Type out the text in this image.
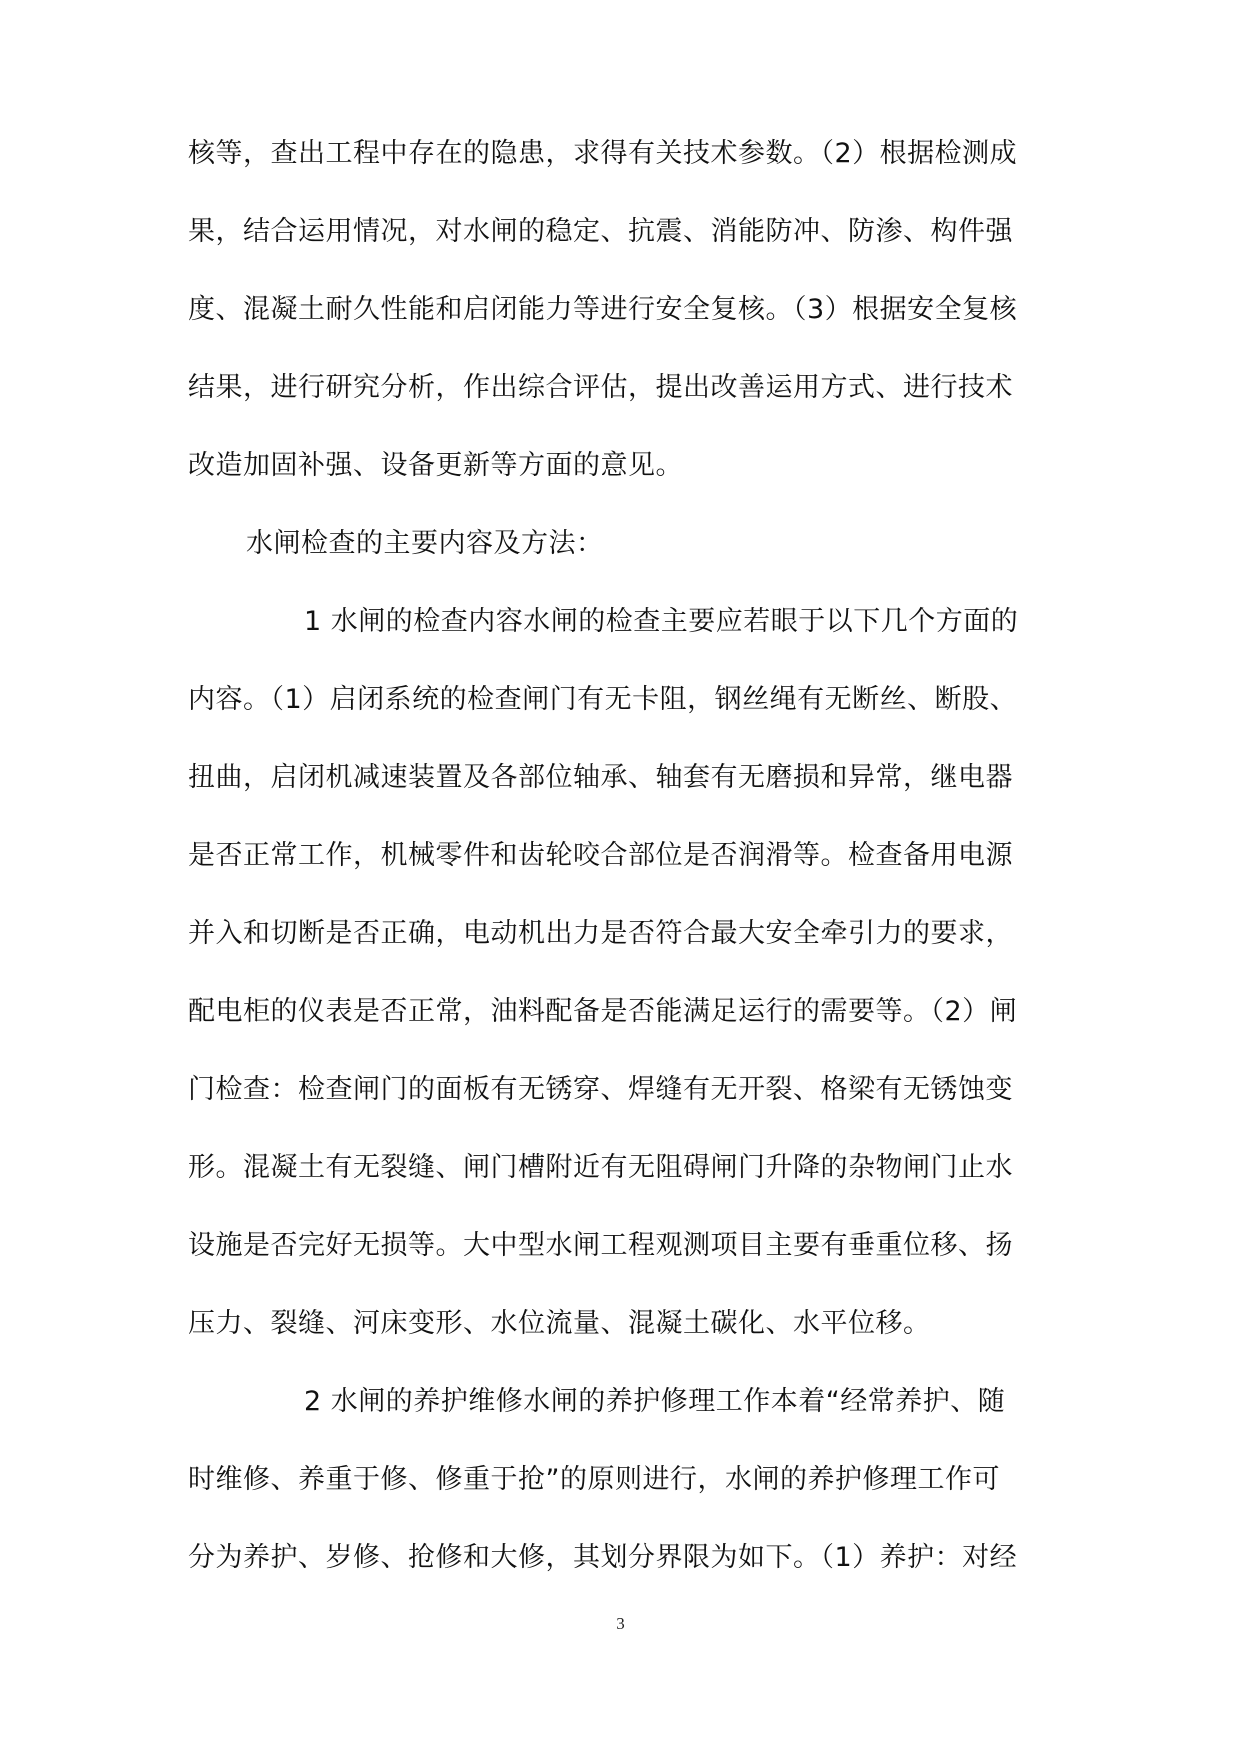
核等，查出工程中存在的隐患，求得有关技术参数。（2）根据检测成
果，结合运用情况，对水闸的稳定、抗震、消能防冲、防渗、构件强
度、混凝土耐久性能和启闭能力等进行安全复核。（3）根据安全复核
结果，进行研究分析，作出综合评估，提出改善运用方式、进行技术
改造加固补强、设备更新等方面的意见。
水闸检查的主要内容及方法：
1 水闸的检查内容水闸的检查主要应若眼于以下几个方面的
内容。（1）启闭系统的检查闸门有无卡阻，钢丝绳有无断丝、断股、
扭曲，启闭机减速装置及各部位轴承、轴套有无磨损和异常，继电器
是否正常工作，机械零件和齿轮咬合部位是否润滑等。检查备用电源
并入和切断是否正确，电动机出力是否符合最大安全牵引力的要求，
配电柜的仪表是否正常，油料配备是否能满足运行的需要等。（2）闸
门检查：检查闸门的面板有无锈穿、焊缝有无开裂、格梁有无锈蚀变
形。混凝土有无裂缝、闸门槽附近有无阻碍闸门升降的杂物闸门止水
设施是否完好无损等。大中型水闸工程观测项目主要有垂重位移、扬
压力、裂缝、河床变形、水位流量、混凝土碳化、水平位移。
2 水闸的养护维修水闸的养护修理工作本着“经常养护、随
时维修、养重于修、修重于抢”的原则进行，水闸的养护修理工作可
分为养护、岁修、抢修和大修，其划分界限为如下。（1）养护：对经
3
